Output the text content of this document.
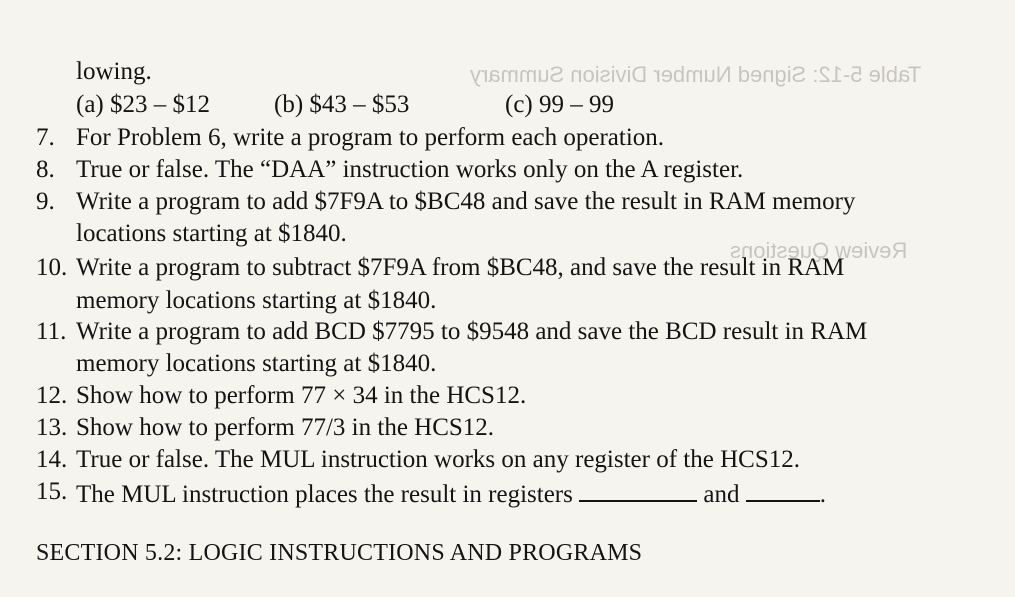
Table 5-12: Signed Number Division Summary
Review Questions
lowing.
(a) $23 – $12	(b) $43 – $53	(c) 99 – 99
7. For Problem 6, write a program to perform each operation.
8. True or false. The “DAA” instruction works only on the A register.
9. Write a program to add $7F9A to $BC48 and save the result in RAM memory
locations starting at $1840.
10. Write a program to subtract $7F9A from $BC48, and save the result in RAM
memory locations starting at $1840.
11. Write a program to add BCD $7795 to $9548 and save the BCD result in RAM
memory locations starting at $1840.
12. Show how to perform 77 × 34 in the HCS12.
13. Show how to perform 77/3 in the HCS12.
14. True or false. The MUL instruction works on any register of the HCS12.
15. The MUL instruction places the result in registers	and	.
SECTION 5.2: LOGIC INSTRUCTIONS AND PROGRAMS
